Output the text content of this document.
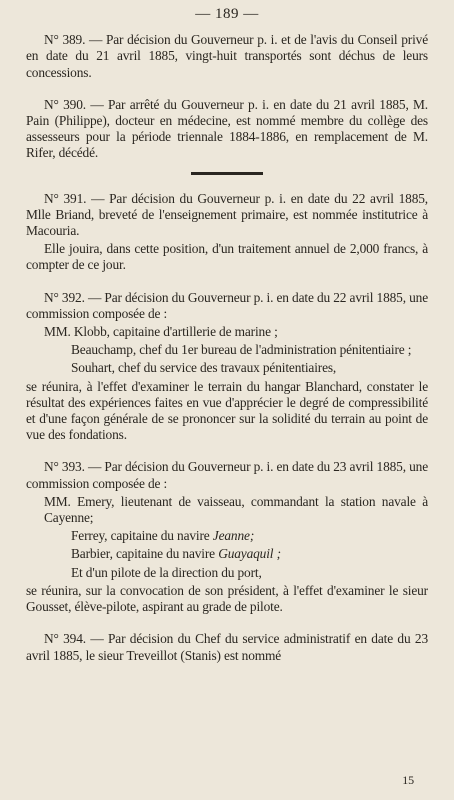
— 189 —

N° 389. — Par décision du Gouverneur p. i. et de l'avis du Conseil privé en date du 21 avril 1885, vingt-huit transportés sont déchus de leurs concessions.

N° 390. — Par arrêté du Gouverneur p. i. en date du 21 avril 1885, M. Pain (Philippe), docteur en médecine, est nommé membre du collège des assesseurs pour la période triennale 1884-1886, en remplacement de M. Rifer, décédé.

N° 391. — Par décision du Gouverneur p. i. en date du 22 avril 1885, Mlle Briand, breveté de l'enseignement primaire, est nommée institutrice à Macouria.

Elle jouira, dans cette position, d'un traitement annuel de 2,000 francs, à compter de ce jour.

N° 392. — Par décision du Gouverneur p. i. en date du 22 avril 1885, une commission composée de :

MM. Klobb, capitaine d'artillerie de marine ;

Beauchamp, chef du 1er bureau de l'administration pénitentiaire ;

Souhart, chef du service des travaux pénitentiaires,

se réunira, à l'effet d'examiner le terrain du hangar Blanchard, constater le résultat des expériences faites en vue d'apprécier le degré de compressibilité et d'une façon générale de se prononcer sur la solidité du terrain au point de vue des fondations.

N° 393. — Par décision du Gouverneur p. i. en date du 23 avril 1885, une commission composée de :

MM. Emery, lieutenant de vaisseau, commandant la station navale à Cayenne;

Ferrey, capitaine du navire Jeanne;

Barbier, capitaine du navire Guayaquil ;

Et d'un pilote de la direction du port,

se réunira, sur la convocation de son président, à l'effet d'examiner le sieur Gousset, élève-pilote, aspirant au grade de pilote.

N° 394. — Par décision du Chef du service administratif en date du 23 avril 1885, le sieur Treveillot (Stanis) est nommé

15
